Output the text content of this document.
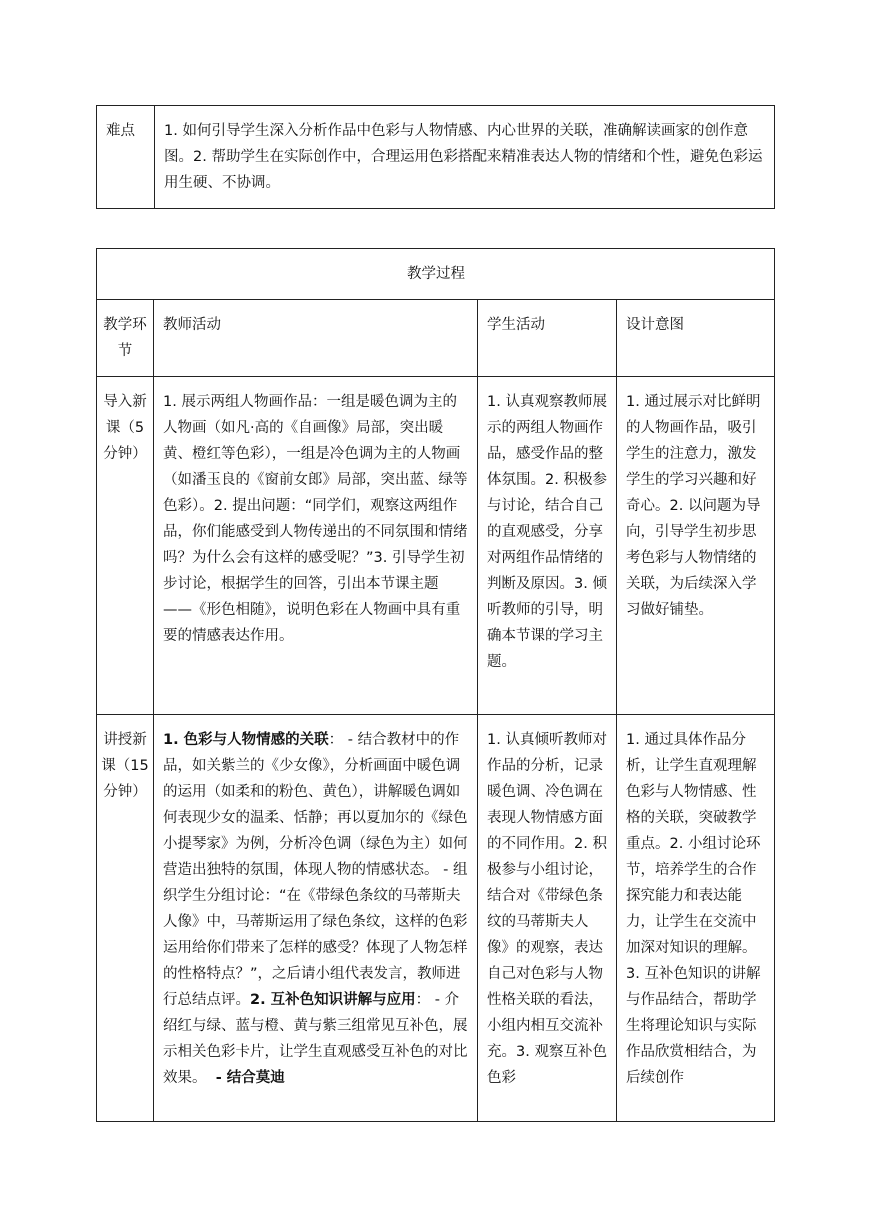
难点	1. 如何引导学生深入分析作品中色彩与人物情感、内心世界的关联，准确解读画家的创作意图。2. 帮助学生在实际创作中，合理运用色彩搭配来精准表达人物的情绪和个性，避免色彩运用生硬、不协调。
教学过程			
教学环节	教师活动	学生活动	设计意图
导入新课（5分钟）	1. 展示两组人物画作品：一组是暖色调为主的人物画（如凡·高的《自画像》局部，突出暖黄、橙红等色彩），一组是冷色调为主的人物画（如潘玉良的《窗前女郎》局部，突出蓝、绿等色彩）。2. 提出问题：“同学们，观察这两组作品，你们能感受到人物传递出的不同氛围和情绪吗？为什么会有这样的感受呢？”3. 引导学生初步讨论，根据学生的回答，引出本节课主题 ——《形色相随》，说明色彩在人物画中具有重要的情感表达作用。	1. 认真观察教师展示的两组人物画作品，感受作品的整体氛围。2. 积极参与讨论，结合自己的直观感受，分享对两组作品情绪的判断及原因。3. 倾听教师的引导，明确本节课的学习主题。	1. 通过展示对比鲜明的人物画作品，吸引学生的注意力，激发学生的学习兴趣和好奇心。2. 以问题为导向，引导学生初步思考色彩与人物情绪的关联，为后续深入学习做好铺垫。
讲授新课（15分钟）	1. 色彩与人物情感的关联： - 结合教材中的作品，如关紫兰的《少女像》，分析画面中暖色调的运用（如柔和的粉色、黄色），讲解暖色调如何表现少女的温柔、恬静；再以夏加尔的《绿色小提琴家》为例，分析冷色调（绿色为主）如何营造出独特的氛围，体现人物的情感状态。 - 组织学生分组讨论：“在《带绿色条纹的马蒂斯夫人像》中，马蒂斯运用了绿色条纹，这样的色彩运用给你们带来了怎样的感受？体现了人物怎样的性格特点？”，之后请小组代表发言，教师进行总结点评。2. 互补色知识讲解与应用： - 介绍红与绿、蓝与橙、黄与紫三组常见互补色，展示相关色彩卡片，让学生直观感受互补色的对比效果。 - 结合莫迪	1. 认真倾听教师对作品的分析，记录暖色调、冷色调在表现人物情感方面的不同作用。2. 积极参与小组讨论，结合对《带绿色条纹的马蒂斯夫人像》的观察，表达自己对色彩与人物性格关联的看法，小组内相互交流补充。3. 观察互补色色彩	1. 通过具体作品分析，让学生直观理解色彩与人物情感、性格的关联，突破教学重点。2. 小组讨论环节，培养学生的合作探究能力和表达能力，让学生在交流中加深对知识的理解。3. 互补色知识的讲解与作品结合，帮助学生将理论知识与实际作品欣赏相结合，为后续创作
